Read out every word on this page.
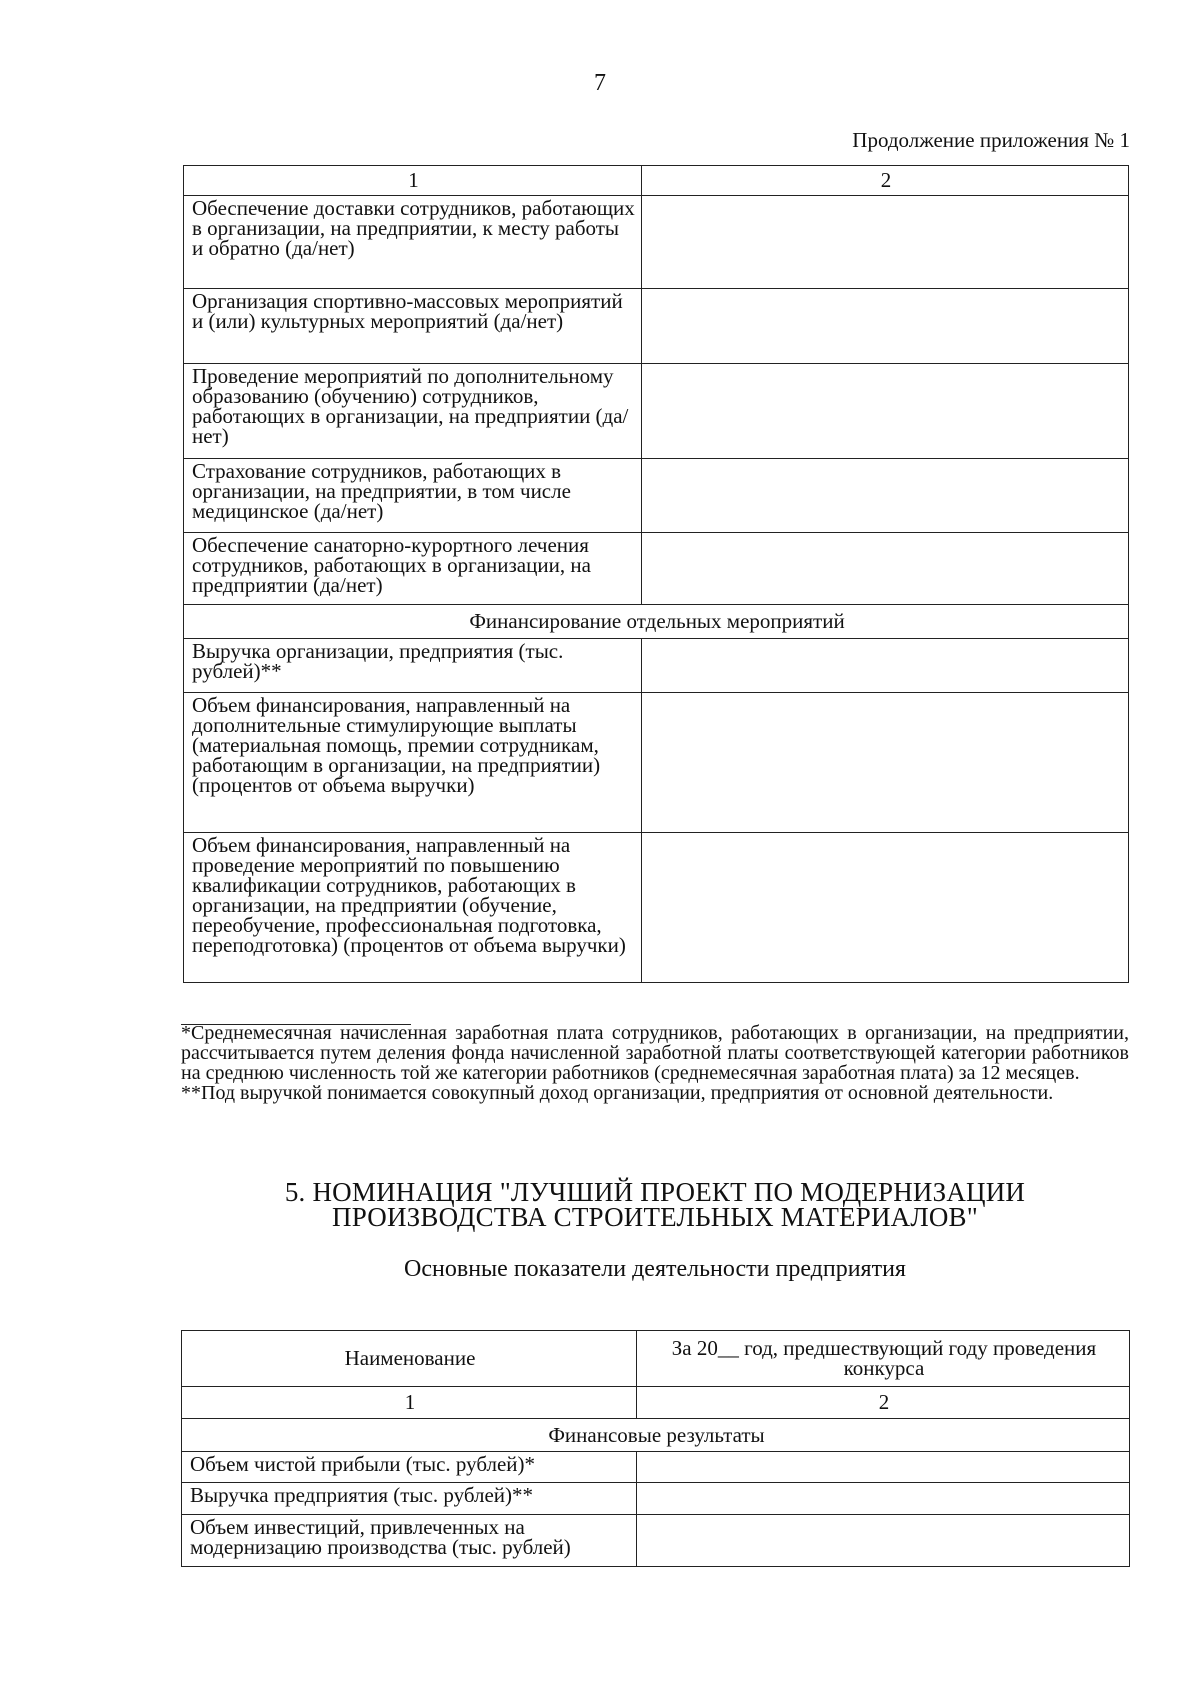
7
Продолжение приложения № 1
1	2
Обеспечение доставки сотрудников, работающих в организации, на предприятии, к месту работы и обратно (да/нет)	
Организация спортивно-массовых мероприятий и (или) культурных мероприятий (да/нет)	
Проведение мероприятий по дополнительному образованию (обучению) сотрудников, работающих в организации, на предприятии (да/нет)	
Страхование сотрудников, работающих в организации, на предприятии, в том числе медицинское (да/нет)	
Обеспечение санаторно-курортного лечения сотрудников, работающих в организации, на предприятии (да/нет)	
Финансирование отдельных мероприятий	
Выручка организации, предприятия (тыс. рублей)**	
Объем финансирования, направленный на дополнительные стимулирующие выплаты (материальная помощь, премии сотрудникам, работающим в организации, на предприятии) (процентов от объема выручки)	
Объем финансирования, направленный на проведение мероприятий по повышению квалификации сотрудников, работающих в организации, на предприятии (обучение, переобучение, профессиональная подготовка, переподготовка) (процентов от объема выручки)	

*Среднемесячная начисленная заработная плата сотрудников, работающих в организации, на предприятии, рассчитывается путем деления фонда начисленной заработной платы соответствующей категории работников на среднюю численность той же категории работников (среднемесячная заработная плата) за 12 месяцев.

**Под выручкой понимается совокупный доход организации, предприятия от основной деятельности.

5. НОМИНАЦИЯ "ЛУЧШИЙ ПРОЕКТ ПО МОДЕРНИЗАЦИИ ПРОИЗВОДСТВА СТРОИТЕЛЬНЫХ МАТЕРИАЛОВ"
Основные показатели деятельности предприятия
Наименование	За 20__ год, предшествующий году проведения конкурса
1	2
Финансовые результаты	
Объем чистой прибыли (тыс. рублей)*	
Выручка предприятия (тыс. рублей)**	
Объем инвестиций, привлеченных на модернизацию производства (тыс. рублей)	
